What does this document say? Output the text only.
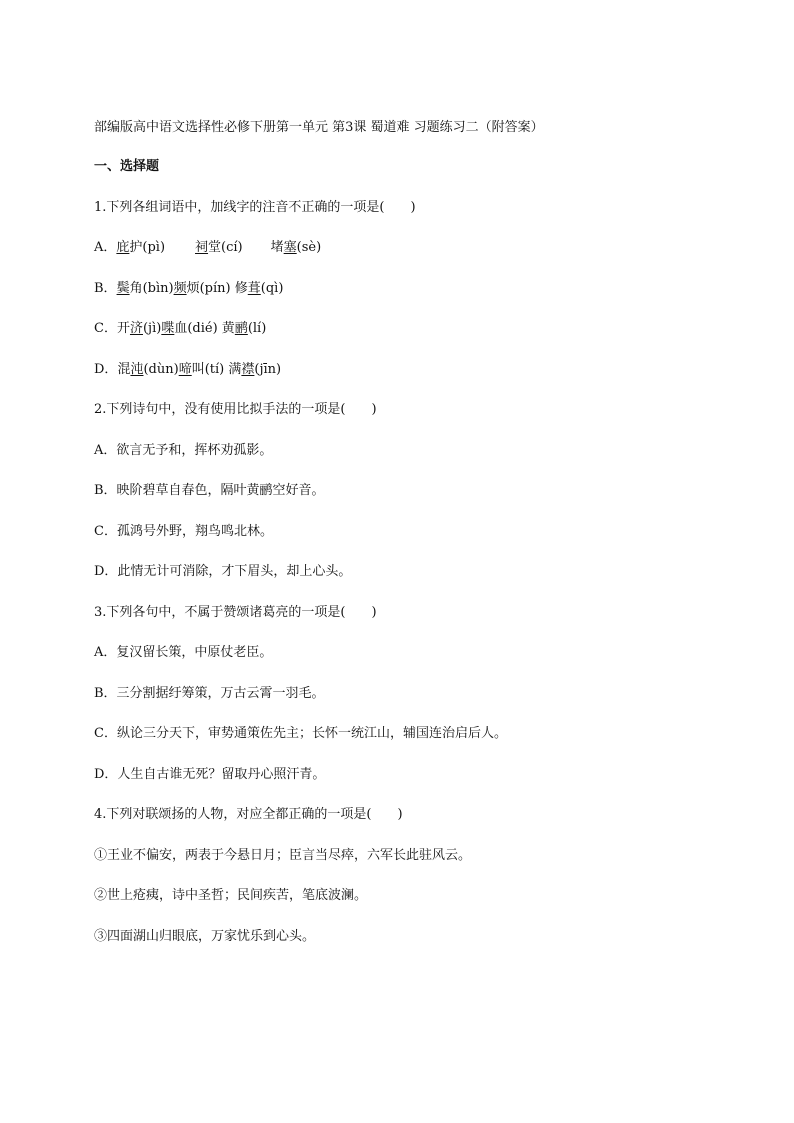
部编版高中语文选择性必修下册第一单元 第3课 蜀道难 习题练习二（附答案）
一、选择题
1.下列各组词语中，加线字的注音不正确的一项是(　　)
A．庇护(pì) 祠堂(cí) 堵塞(sè)
B．鬓角(bìn)频烦(pín) 修葺(qì)
C．开济(jì)喋血(dié) 黄鹂(lí)
D．混沌(dùn)啼叫(tí) 满襟(jīn)
2.下列诗句中，没有使用比拟手法的一项是(　　)
A．欲言无予和，挥杯劝孤影。
B．映阶碧草自春色，隔叶黄鹂空好音。
C．孤鸿号外野，翔鸟鸣北林。
D．此情无计可消除，才下眉头，却上心头。
3.下列各句中，不属于赞颂诸葛亮的一项是(　　)
A．复汉留长策，中原仗老臣。
B．三分割据纡筹策，万古云霄一羽毛。
C．纵论三分天下，审势通策佐先主；长怀一统江山，辅国连治启后人。
D．人生自古谁无死？留取丹心照汗青。
4.下列对联颂扬的人物，对应全都正确的一项是(　　)
①王业不偏安，两表于今悬日月；臣言当尽瘁，六军长此驻风云。
②世上疮痍，诗中圣哲；民间疾苦，笔底波澜。
③四面湖山归眼底，万家忧乐到心头。
